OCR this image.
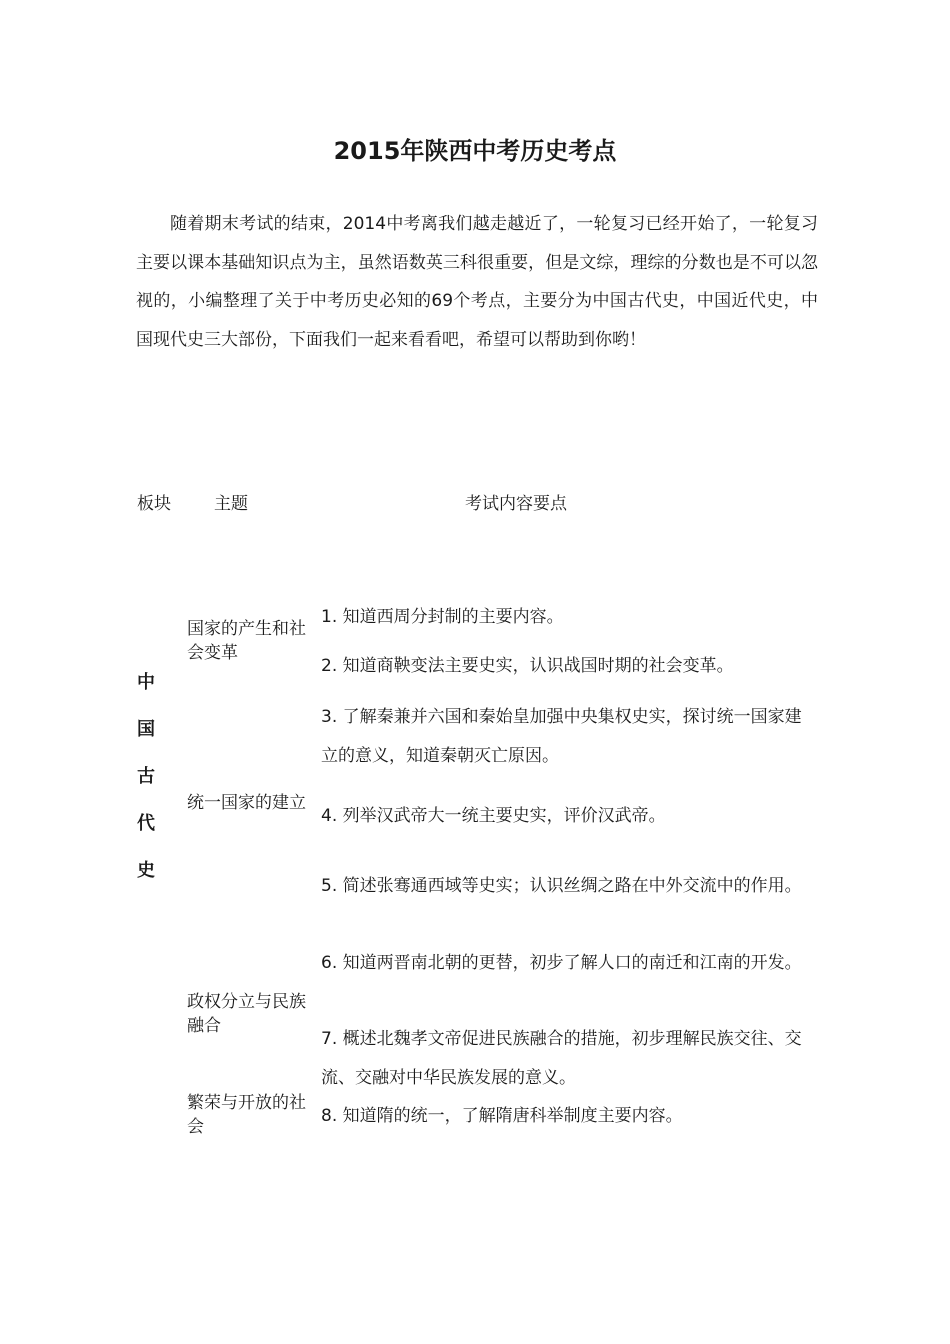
2015年陕西中考历史考点

随着期末考试的结束，2014中考离我们越走越近了，一轮复习已经开始了，一轮复习主要以课本基础知识点为主，虽然语数英三科很重要，但是文综，理综的分数也是不可以忽视的，小编整理了关于中考历史必知的69个考点，主要分为中国古代史，中国近代史，中国现代史三大部份，下面我们一起来看看吧，希望可以帮助到你哟！

板块	主题	考试内容要点
中
国
古
代
史
国家的产生和社会变革
统一国家的建立
政权分立与民族融合
繁荣与开放的社会

1. 知道西周分封制的主要内容。

2. 知道商鞅变法主要史实，认识战国时期的社会变革。

3. 了解秦兼并六国和秦始皇加强中央集权史实，探讨统一国家建立的意义，知道秦朝灭亡原因。

4. 列举汉武帝大一统主要史实，评价汉武帝。

5. 简述张骞通西域等史实；认识丝绸之路在中外交流中的作用。

6. 知道两晋南北朝的更替，初步了解人口的南迁和江南的开发。

7. 概述北魏孝文帝促进民族融合的措施，初步理解民族交往、交流、交融对中华民族发展的意义。

8. 知道隋的统一，了解隋唐科举制度主要内容。
